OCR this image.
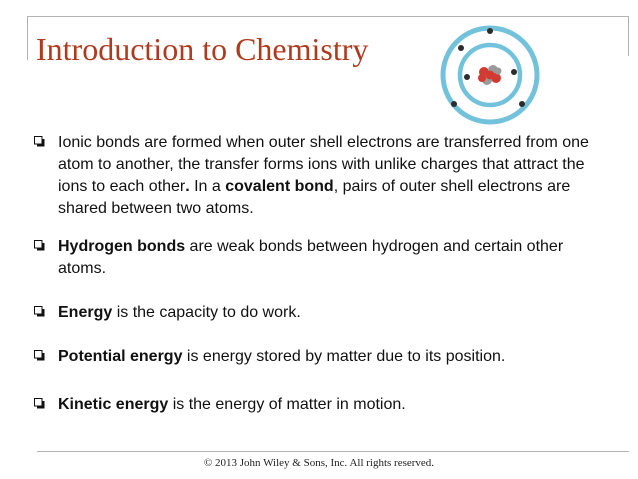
Introduction to Chemistry
Ionic bonds are formed when outer shell electrons are transferred from one atom to another, the transfer forms ions with unlike charges that attract the ions to each other. In a covalent bond, pairs of outer shell electrons are shared between two atoms.
Hydrogen bonds are weak bonds between hydrogen and certain other atoms.
Energy is the capacity to do work.
Potential energy is energy stored by matter due to its position.
Kinetic energy is the energy of matter in motion.
© 2013 John Wiley & Sons, Inc. All rights reserved.
